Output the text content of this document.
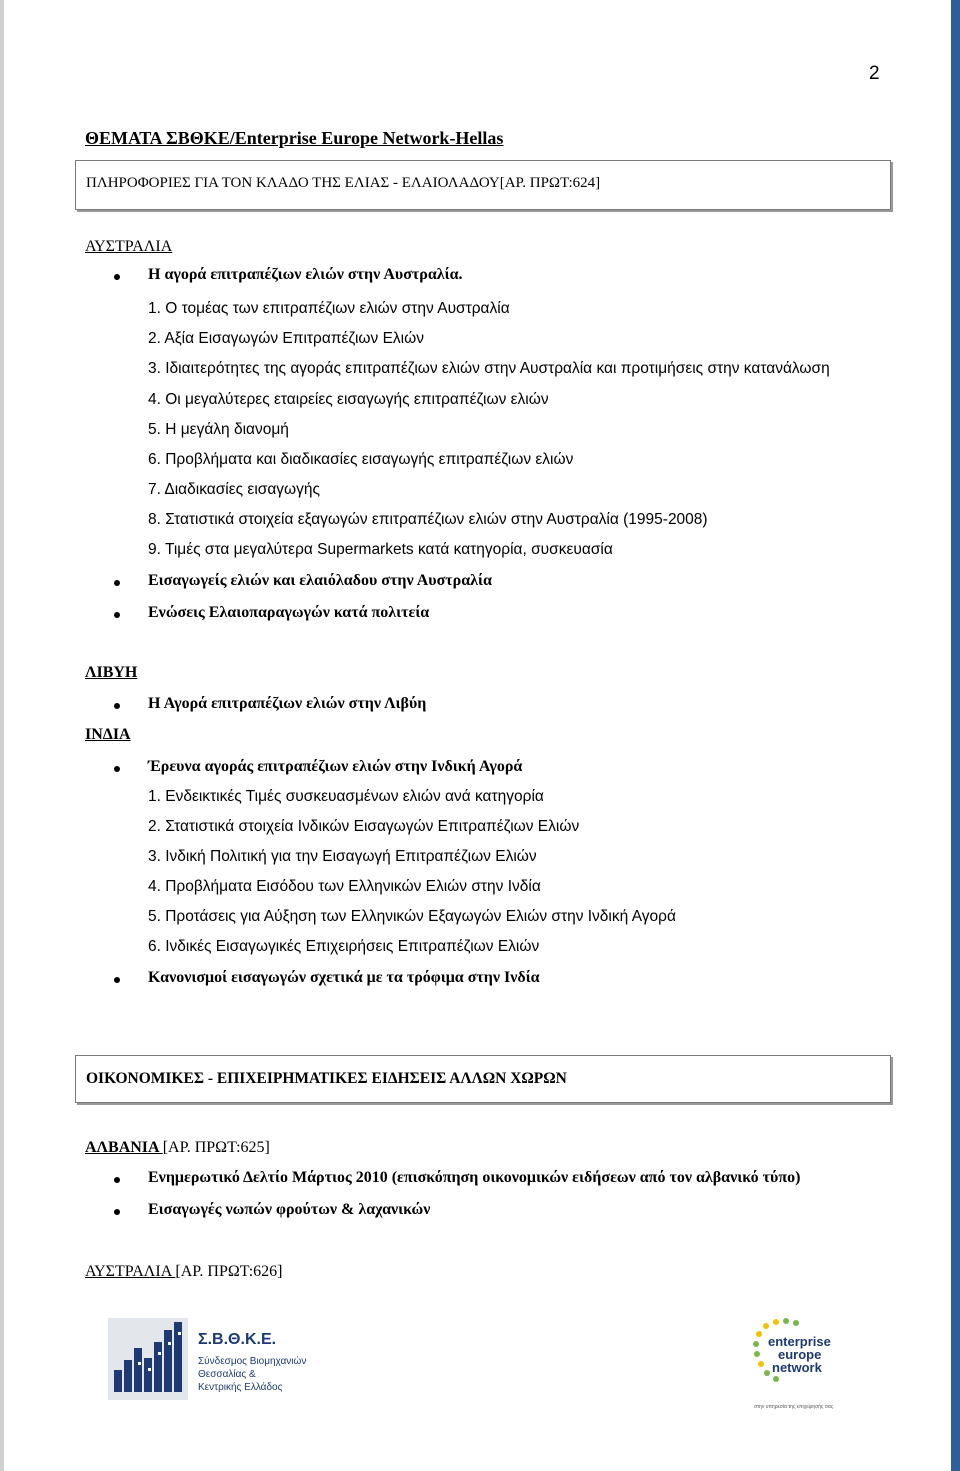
2
ΘΕΜΑΤΑ ΣΒΘΚΕ/Enterprise Europe Network-Hellas
ΠΛΗΡΟΦΟΡΙΕΣ ΓΙΑ ΤΟΝ ΚΛΑΔΟ ΤΗΣ ΕΛΙΑΣ - ΕΛΑΙΟΛΑΔΟΥ[ΑΡ. ΠΡΩΤ:624]
ΑΥΣΤΡΑΛΙΑ
Η αγορά επιτραπέζιων ελιών στην Αυστραλία.
1. Ο τομέας των επιτραπέζιων ελιών στην Αυστραλία
2. Αξία Εισαγωγών Επιτραπέζιων Ελιών
3. Ιδιαιτερότητες της αγοράς επιτραπέζιων ελιών στην Αυστραλία και προτιμήσεις στην κατανάλωση
4. Οι μεγαλύτερες εταιρείες εισαγωγής επιτραπέζιων ελιών
5. Η μεγάλη διανομή
6. Προβλήματα και διαδικασίες εισαγωγής επιτραπέζιων ελιών
7. Διαδικασίες εισαγωγής
8. Στατιστικά στοιχεία εξαγωγών επιτραπέζιων ελιών στην Αυστραλία (1995-2008)
9. Τιμές στα μεγαλύτερα Supermarkets κατά κατηγορία, συσκευασία
Εισαγωγείς ελιών και ελαιόλαδου στην Αυστραλία
Ενώσεις Ελαιοπαραγωγών κατά πολιτεία
ΛΙΒΥΗ
Η Αγορά επιτραπέζιων ελιών στην Λιβύη
ΙΝΔΙΑ
Έρευνα αγοράς επιτραπέζιων ελιών στην Ινδική Αγορά
1. Ενδεικτικές Τιμές συσκευασμένων ελιών ανά κατηγορία
2. Στατιστικά στοιχεία Ινδικών Εισαγωγών Επιτραπέζιων Ελιών
3. Ινδική Πολιτική για την Εισαγωγή Επιτραπέζιων Ελιών
4. Προβλήματα Εισόδου των Ελληνικών Ελιών στην Ινδία
5. Προτάσεις για Αύξηση των Ελληνικών Εξαγωγών Ελιών στην Ινδική Αγορά
6. Ινδικές Εισαγωγικές Επιχειρήσεις Επιτραπέζιων Ελιών
Κανονισμοί εισαγωγών σχετικά με τα τρόφιμα στην Ινδία
ΟΙΚΟΝΟΜΙΚΕΣ - ΕΠΙΧΕΙΡΗΜΑΤΙΚΕΣ ΕΙΔΗΣΕΙΣ ΑΛΛΩΝ ΧΩΡΩΝ
ΑΛΒΑΝΙΑ [ΑΡ. ΠΡΩΤ:625]
Ενημερωτικό Δελτίο Μάρτιος 2010 (επισκόπηση οικονομικών ειδήσεων από τον αλβανικό τύπο)
Εισαγωγές νωπών φρούτων & λαχανικών
ΑΥΣΤΡΑΛΙΑ [ΑΡ. ΠΡΩΤ:626]
Σ.Β.Θ.Κ.Ε.
Σύνδεσμος Βιομηχανιών
Θεσσαλίας &
Κεντρικής Ελλάδος
enterprise
europe
network
στην υπηρεσία της επιχείρησής σας
